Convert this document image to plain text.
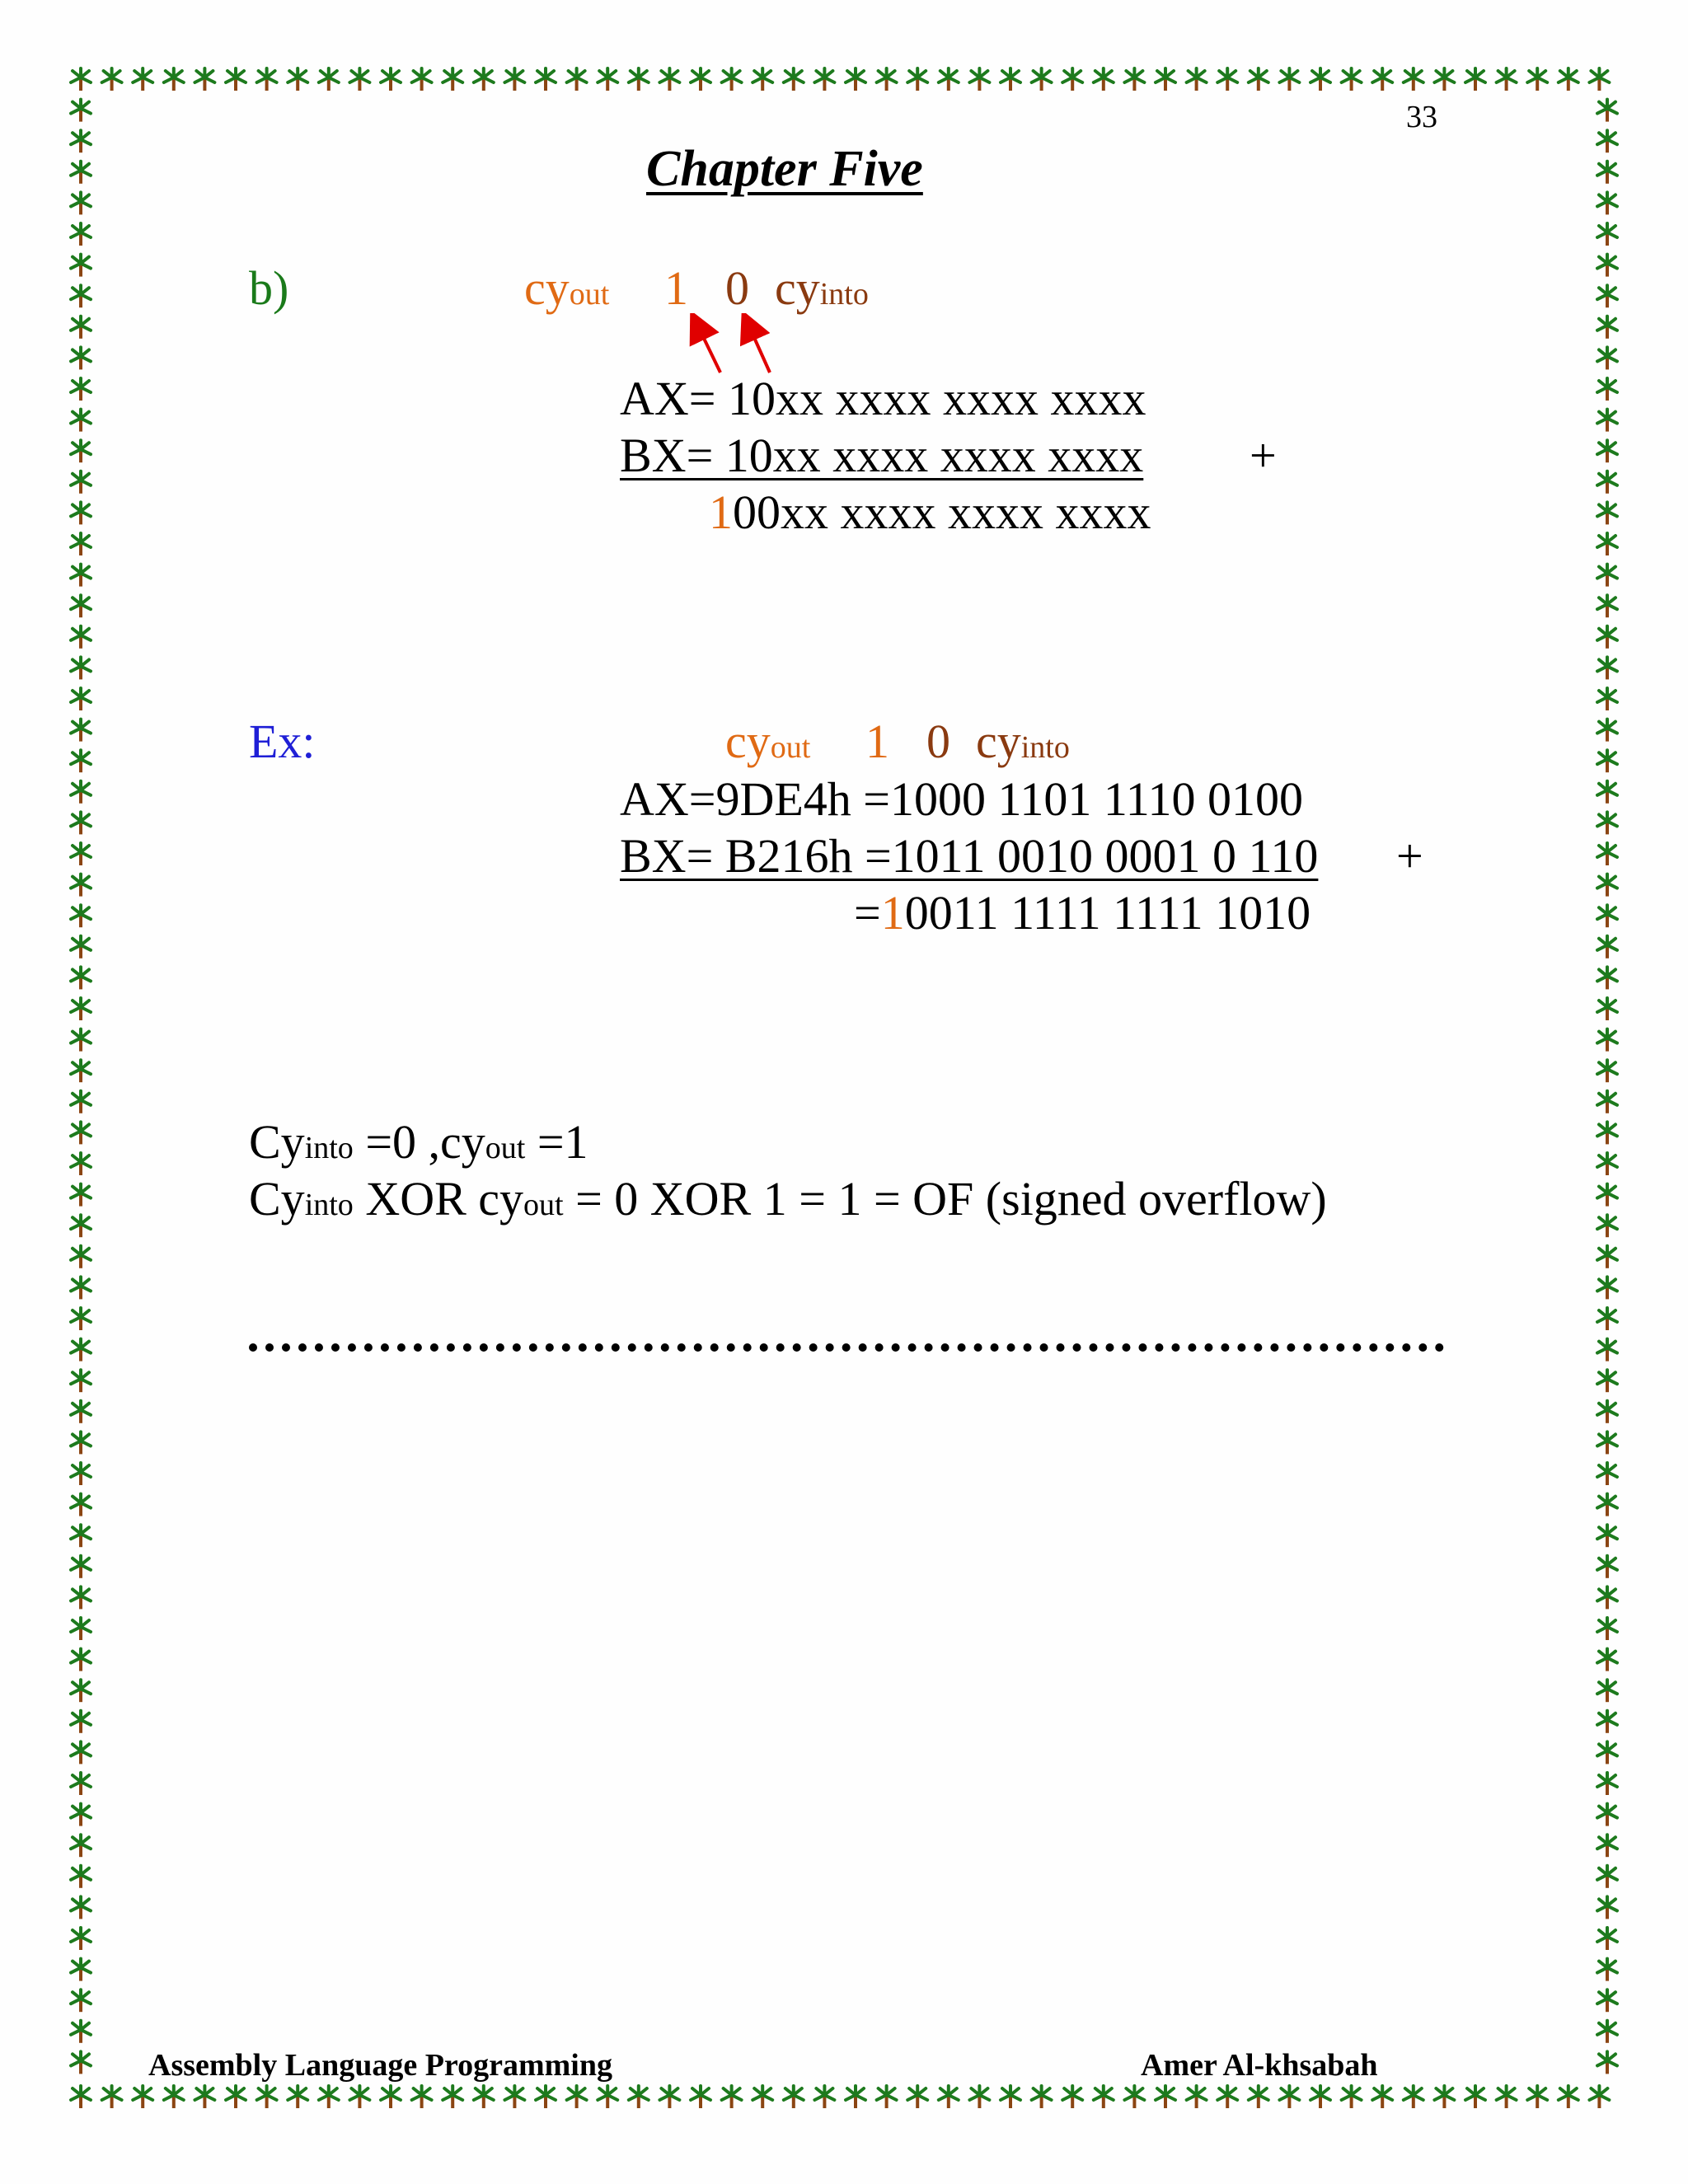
33
Chapter Five
b)	cyout 1 0 cyinto
AX= 10xx xxxx xxxx xxxx
BX= 10xx xxxx xxxx xxxx +
100xx xxxx xxxx xxxx
Ex:	cyout 1 0 cyinto
AX=9DE4h =1000 1101 1110 0100
BX= B216h =1011 0010 0001 0 110 +
=10011 1111 1111 1010
Cyinto =0 ,cyout =1
Cyinto XOR cyout = 0 XOR 1 = 1 = OF (signed overflow)
Assembly Language Programming	Amer Al-khsabah
